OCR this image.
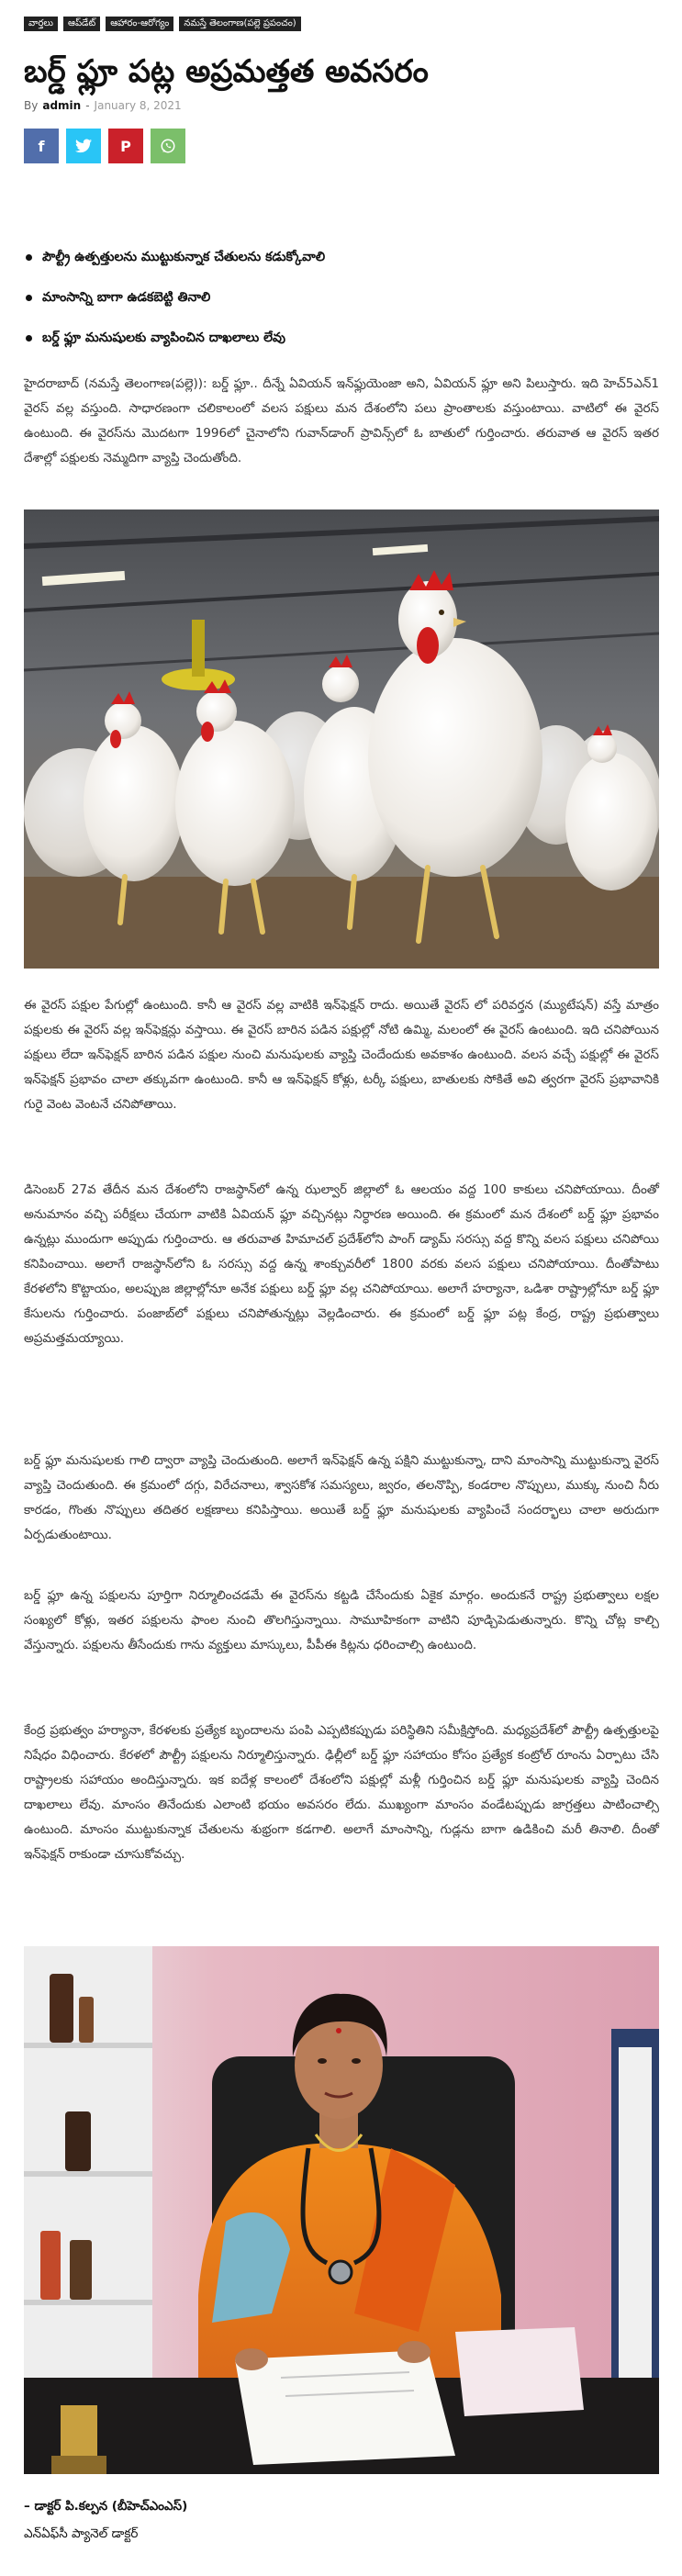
వార్తలు	ఆప్‌డేట్	ఆహారం-ఆరోగ్యం	నమస్తే తెలంగాణ(పల్లె ప్రపంచం)
బర్డ్ ఫ్లూ పట్ల అప్రమత్తత అవసరం
By admin - January 8, 2021
f	P
పౌల్ట్రీ ఉత్పత్తులను ముట్టుకున్నాక చేతులను కడుక్కోవాలి
మాంసాన్ని బాగా ఉడకబెట్టి తినాలి
బర్డ్ ఫ్లూ మనుషులకు వ్యాపించిన దాఖలాలు లేవు

హైదరాబాద్ (నమస్తే తెలంగాణ(పల్లె)): బర్డ్ ఫ్లూ.. దీన్నే ఏవియన్ ఇన్‌ఫ్లుయెంజా అని, ఏవియన్ ఫ్లూ అని పిలుస్తారు. ఇది హెచ్5ఎన్1 వైరస్ వల్ల వస్తుంది. సాధారణంగా చలికాలంలో వలస పక్షులు మన దేశంలోని పలు ప్రాంతాలకు వస్తుంటాయి. వాటిలో ఈ వైరస్ ఉంటుంది. ఈ వైరస్‌ను మొదటగా 1996లో చైనాలోని గువాన్‌డాంగ్ ప్రావిన్స్‌లో ఓ బాతులో గుర్తించారు. తరువాత ఆ వైరస్ ఇతర దేశాల్లో పక్షులకు నెమ్మదిగా వ్యాప్తి చెందుతోంది.

ఈ వైరస్ పక్షుల పేగుల్లో ఉంటుంది. కానీ ఆ వైరస్ వల్ల వాటికి ఇన్‌ఫెక్షన్ రాదు. అయితే వైరస్ లో పరివర్తన (మ్యుటేషన్) వస్తే మాత్రం పక్షులకు ఈ వైరస్ వల్ల ఇన్‌ఫెక్షన్లు వస్తాయి. ఈ వైరస్ బారిన పడిన పక్షుల్లో నోటి ఉమ్మి, మలంలో ఈ వైరస్ ఉంటుంది. ఇది చనిపోయిన పక్షులు లేదా ఇన్‌ఫెక్షన్ బారిన పడిన పక్షుల నుంచి మనుషులకు వ్యాప్తి చెందేందుకు అవకాశం ఉంటుంది. వలస వచ్చే పక్షుల్లో ఈ వైరస్ ఇన్‌ఫెక్షన్ ప్రభావం చాలా తక్కువగా ఉంటుంది. కానీ ఆ ఇన్‌ఫెక్షన్ కోళ్లు, టర్కీ పక్షులు, బాతులకు సోకితే అవి త్వరగా వైరస్ ప్రభావానికి గురై వెంట వెంటనే చనిపోతాయి.

డిసెంబర్ 27వ తేదీన మన దేశంలోని రాజస్థాన్‌లో ఉన్న ఝల్వార్ జిల్లాలో ఓ ఆలయం వద్ద 100 కాకులు చనిపోయాయి. దీంతో అనుమానం వచ్చి పరీక్షలు చేయగా వాటికి ఏవియన్ ఫ్లూ వచ్చినట్లు నిర్ధారణ అయింది. ఈ క్రమంలో మన దేశంలో బర్డ్ ఫ్లూ ప్రభావం ఉన్నట్లు ముందుగా అప్పుడు గుర్తించారు. ఆ తరువాత హిమాచల్ ప్రదేశ్‌లోని పాంగ్ డ్యామ్ సరస్సు వద్ద కొన్ని వలస పక్షులు చనిపోయి కనిపించాయి. అలాగే రాజస్థాన్‌లోని ఓ సరస్సు వద్ద ఉన్న శాంక్చువరీలో 1800 వరకు వలస పక్షులు చనిపోయాయి. దీంతోపాటు కేరళలోని కొట్టాయం, అలప్పుజ జిల్లాల్లోనూ అనేక పక్షులు బర్డ్ ఫ్లూ వల్ల చనిపోయాయి. అలాగే హర్యానా, ఒడిశా రాష్ట్రాల్లోనూ బర్డ్ ఫ్లూ కేసులను గుర్తించారు. పంజాబ్‌లో పక్షులు చనిపోతున్నట్లు వెల్లడించారు. ఈ క్రమంలో బర్డ్ ఫ్లూ పట్ల కేంద్ర, రాష్ట్ర ప్రభుత్వాలు అప్రమత్తమయ్యాయి.

బర్డ్ ఫ్లూ మనుషులకు గాలి ద్వారా వ్యాప్తి చెందుతుంది. అలాగే ఇన్‌ఫెక్షన్ ఉన్న పక్షిని ముట్టుకున్నా, దాని మాంసాన్ని ముట్టుకున్నా వైరస్ వ్యాప్తి చెందుతుంది. ఈ క్రమంలో దగ్గు, విరేచనాలు, శ్వాసకోశ సమస్యలు, జ్వరం, తలనొప్పి, కండరాల నొప్పులు, ముక్కు నుంచి నీరు కారడం, గొంతు నొప్పులు తదితర లక్షణాలు కనిపిస్తాయి. అయితే బర్డ్ ఫ్లూ మనుషులకు వ్యాపించే సందర్భాలు చాలా అరుదుగా ఏర్పడుతుంటాయి.

బర్డ్ ఫ్లూ ఉన్న పక్షులను పూర్తిగా నిర్మూలించడమే ఈ వైరస్‌ను కట్టడి చేసేందుకు ఏకైక మార్గం. అందుకనే రాష్ట్ర ప్రభుత్వాలు లక్షల సంఖ్యలో కోళ్లు, ఇతర పక్షులను ఫాంల నుంచి తొలగిస్తున్నాయి. సామూహికంగా వాటిని పూడ్చిపెడుతున్నారు. కొన్ని చోట్ల కాల్చి వేస్తున్నారు. పక్షులను తీసేందుకు గాను వ్యక్తులు మాస్కులు, పీపీఈ కిట్లను ధరించాల్సి ఉంటుంది.

కేంద్ర ప్రభుత్వం హర్యానా, కేరళలకు ప్రత్యేక బృందాలను పంపి ఎప్పటికప్పుడు పరిస్థితిని సమీక్షిస్తోంది. మధ్యప్రదేశ్‌లో పౌల్ట్రీ ఉత్పత్తులపై నిషేధం విధించారు. కేరళలో పౌల్ట్రీ పక్షులను నిర్మూలిస్తున్నారు. ఢిల్లీలో బర్డ్ ఫ్లూ సహాయం కోసం ప్రత్యేక కంట్రోల్ రూంను ఏర్పాటు చేసి రాష్ట్రాలకు సహాయం అందిస్తున్నారు. ఇక ఐదేళ్ల కాలంలో దేశంలోని పక్షుల్లో మళ్లీ గుర్తించిన బర్డ్ ఫ్లూ మనుషులకు వ్యాప్తి చెందిన దాఖలాలు లేవు. మాంసం తినేందుకు ఎలాంటి భయం అవసరం లేదు. ముఖ్యంగా మాంసం వండేటప్పుడు జాగ్రత్తలు పాటించాల్సి ఉంటుంది. మాంసం ముట్టుకున్నాక చేతులను శుభ్రంగా కడగాలి. అలాగే మాంసాన్ని, గుడ్లను బాగా ఉడికించి మరీ తినాలి. దీంతో ఇన్‌ఫెక్షన్ రాకుండా చూసుకోవచ్చు.

– డాక్టర్ పి.కల్పన (బీహెచ్‌ఎంఎస్)
ఎన్ఏఫ్‌సీ ప్యానెల్ డాక్టర్
